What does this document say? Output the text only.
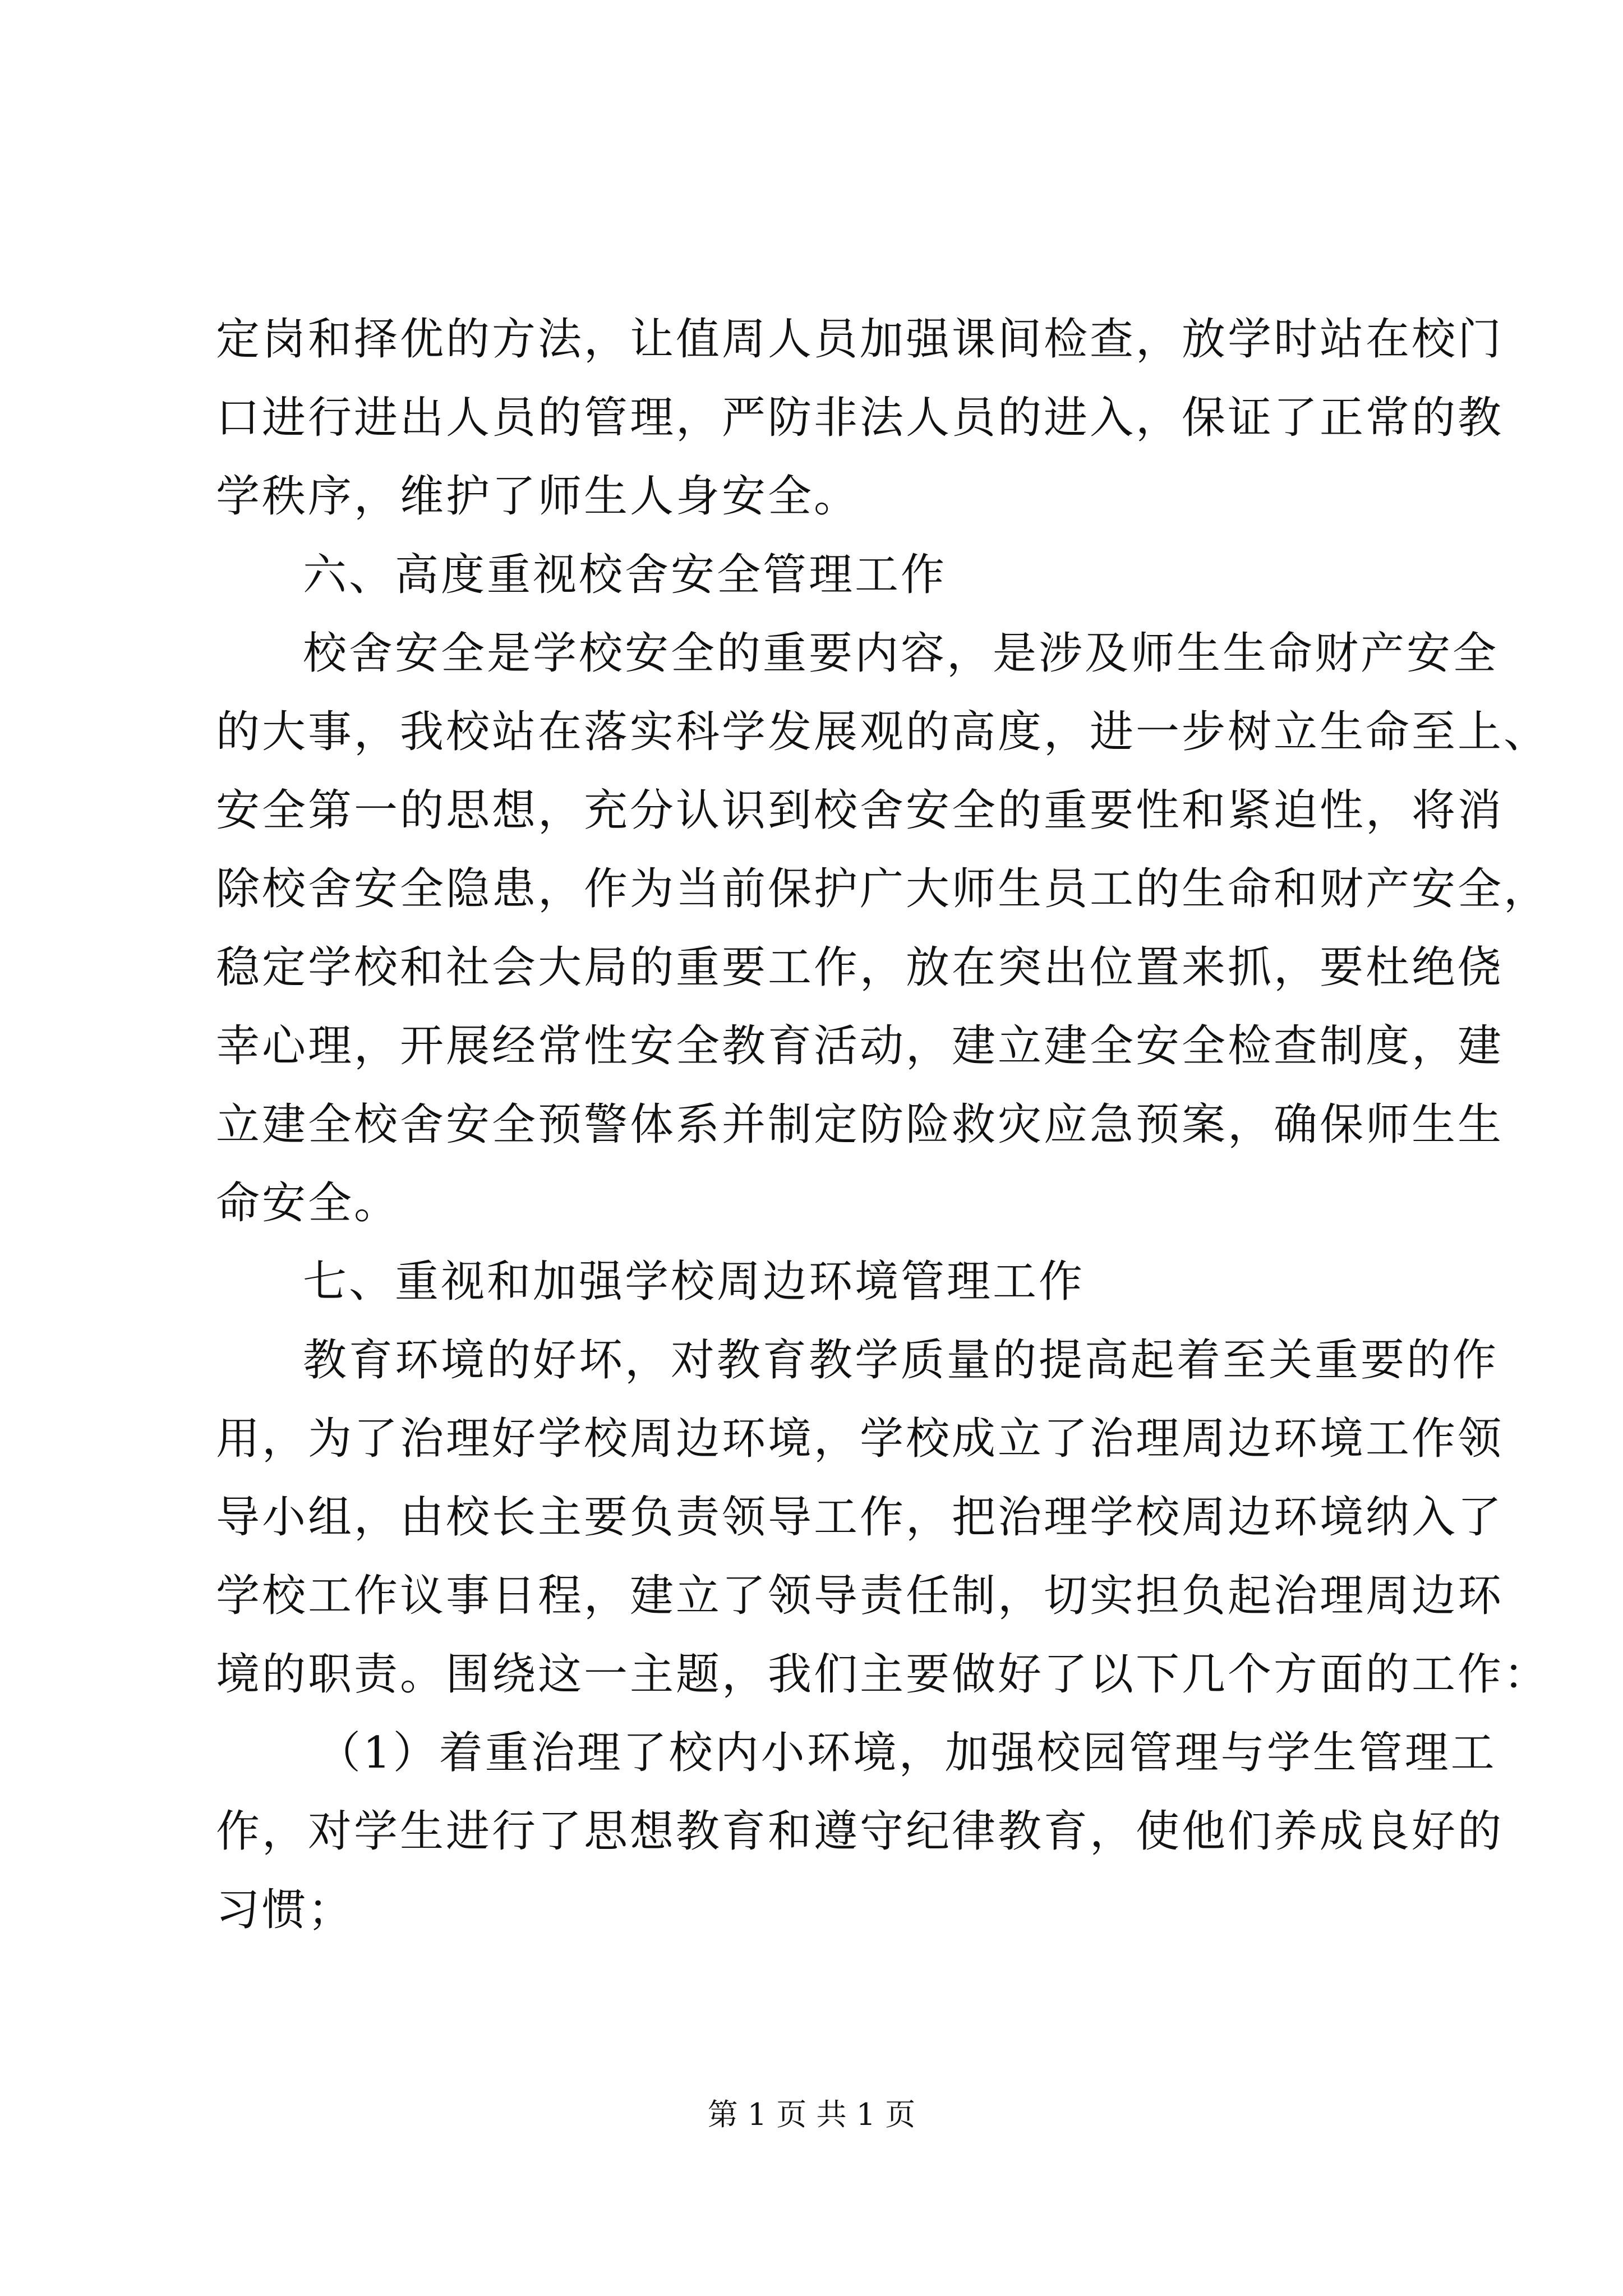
定岗和择优的方法，让值周人员加强课间检查，放学时站在校门
口进行进出人员的管理，严防非法人员的进入，保证了正常的教
学秩序，维护了师生人身安全。
六、高度重视校舍安全管理工作
校舍安全是学校安全的重要内容，是涉及师生生命财产安全
的大事，我校站在落实科学发展观的高度，进一步树立生命至上、
安全第一的思想，充分认识到校舍安全的重要性和紧迫性，将消
除校舍安全隐患，作为当前保护广大师生员工的生命和财产安全，
稳定学校和社会大局的重要工作，放在突出位置来抓，要杜绝侥
幸心理，开展经常性安全教育活动，建立建全安全检查制度，建
立建全校舍安全预警体系并制定防险救灾应急预案，确保师生生
命安全。
七、重视和加强学校周边环境管理工作
教育环境的好坏，对教育教学质量的提高起着至关重要的作
用，为了治理好学校周边环境，学校成立了治理周边环境工作领
导小组，由校长主要负责领导工作，把治理学校周边环境纳入了
学校工作议事日程，建立了领导责任制，切实担负起治理周边环
境的职责。围绕这一主题，我们主要做好了以下几个方面的工作：
（1）着重治理了校内小环境，加强校园管理与学生管理工
作，对学生进行了思想教育和遵守纪律教育，使他们养成良好的
习惯；
第 1 页 共 1 页
